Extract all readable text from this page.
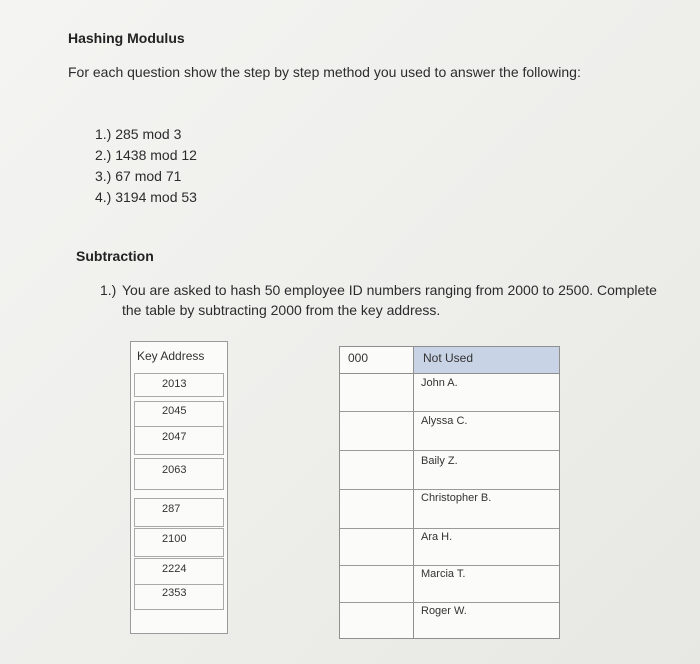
Hashing Modulus
For each question show the step by step method you used to answer the following:
1.) 285 mod 3
2.) 1438 mod 12
3.) 67 mod 71
4.) 3194 mod 53
Subtraction
1.) You are asked to hash 50 employee ID numbers ranging from 2000 to 2500. Complete
the table by subtracting 2000 from the key address.
Key Address
2013
2045
2047
2063
287
2100
2224
2353
000	Not Used
John A.
Alyssa C.
Baily Z.
Christopher B.
Ara H.
Marcia T.
Roger W.
